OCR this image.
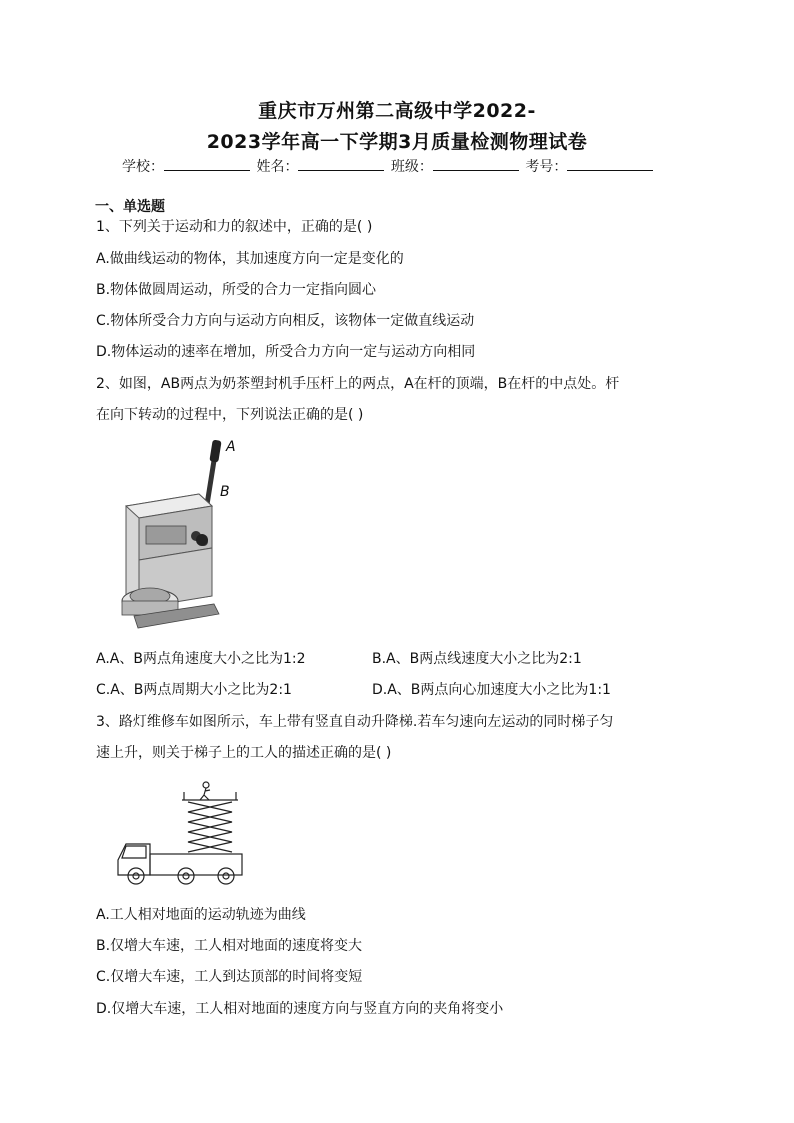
重庆市万州第二高级中学2022-
2023学年高一下学期3月质量检测物理试卷
学校：	姓名：	班级：	考号：
一、单选题
1、下列关于运动和力的叙述中，正确的是( )
A.做曲线运动的物体，其加速度方向一定是变化的
B.物体做圆周运动，所受的合力一定指向圆心
C.物体所受合力方向与运动方向相反，该物体一定做直线运动
D.物体运动的速率在增加，所受合力方向一定与运动方向相同
2、如图，AB两点为奶茶塑封机手压杆上的两点，A在杆的顶端，B在杆的中点处。杆
在向下转动的过程中，下列说法正确的是( )
A
B
A.A、B两点角速度大小之比为1:2	B.A、B两点线速度大小之比为2:1
C.A、B两点周期大小之比为2:1	D.A、B两点向心加速度大小之比为1:1
3、路灯维修车如图所示，车上带有竖直自动升降梯.若车匀速向左运动的同时梯子匀
速上升，则关于梯子上的工人的描述正确的是( )
A.工人相对地面的运动轨迹为曲线
B.仅增大车速，工人相对地面的速度将变大
C.仅增大车速，工人到达顶部的时间将变短
D.仅增大车速，工人相对地面的速度方向与竖直方向的夹角将变小
